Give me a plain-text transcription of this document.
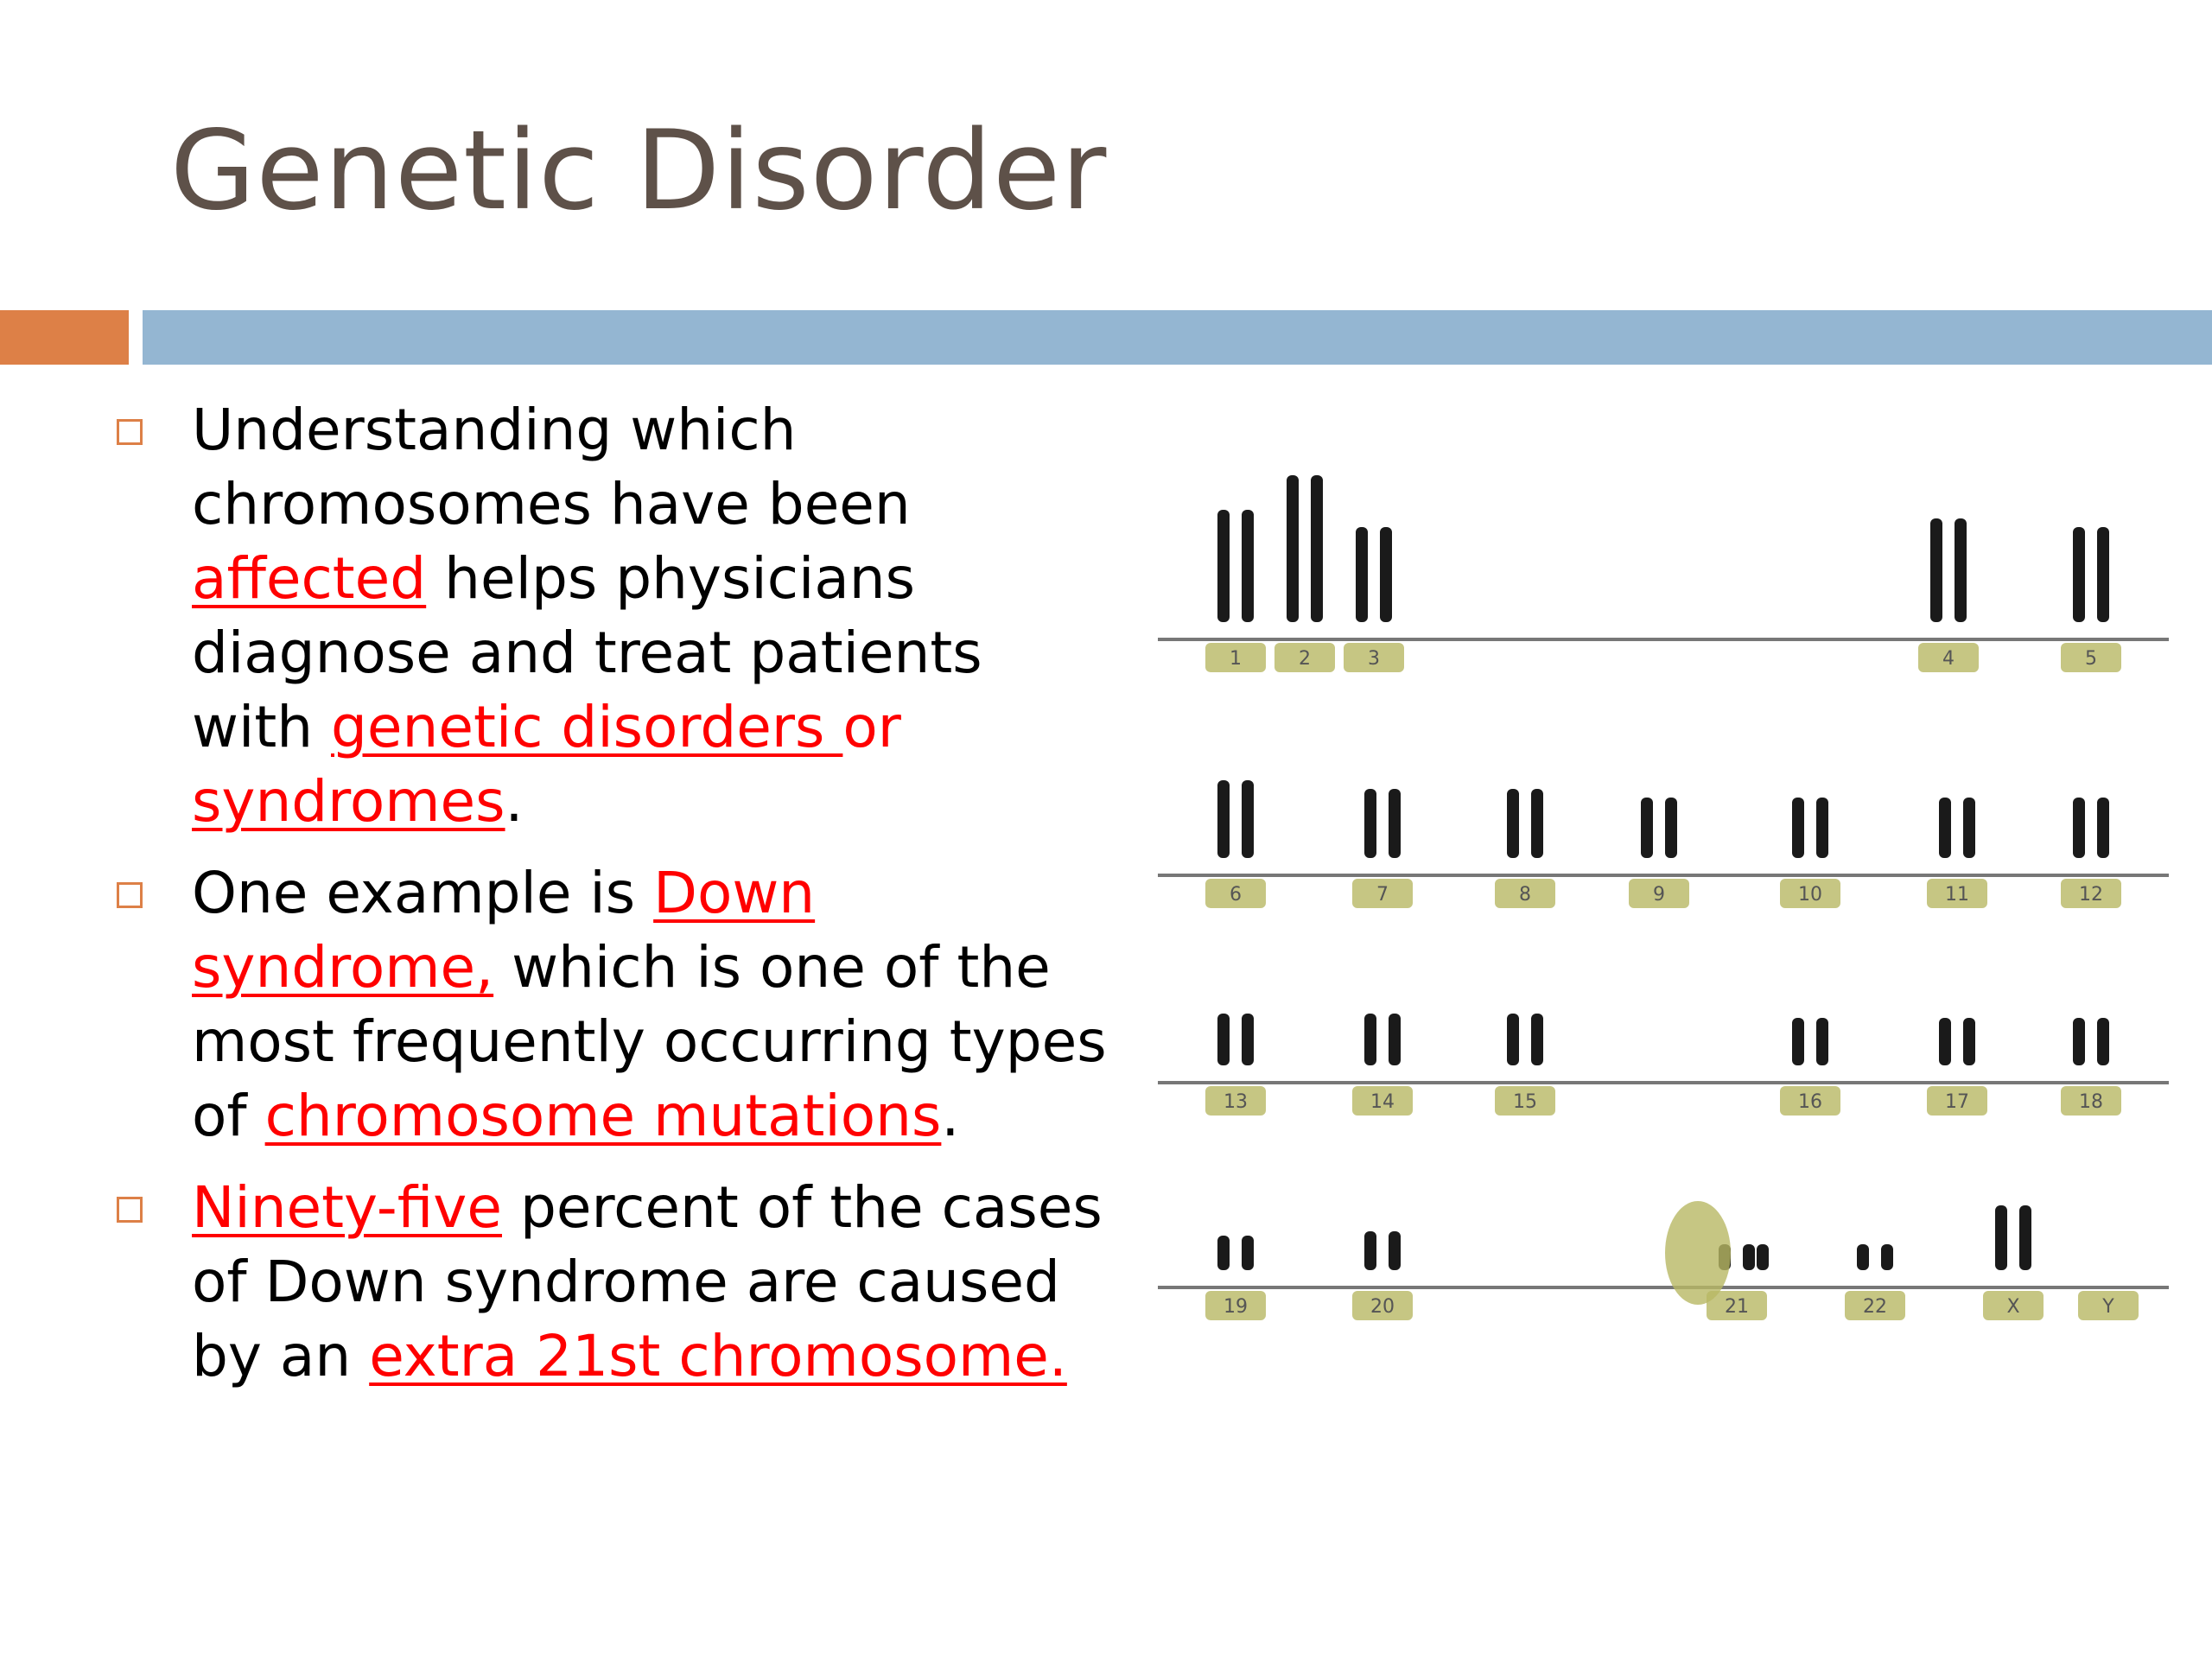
Genetic Disorder
Understanding which chromosomes have been affected helps physicians diagnose and treat patients with genetic disorders or
syndromes.
One example is Down syndrome, which is one of the most frequently occurring types of chromosome mutations.
Ninety-five percent of the cases of Down syndrome are caused by an extra 21st chromosome.
1	2	3	4	5
6	7	8	9	10	11	12
13	14	15	16	17	18
19	20	21	22	X	Y
